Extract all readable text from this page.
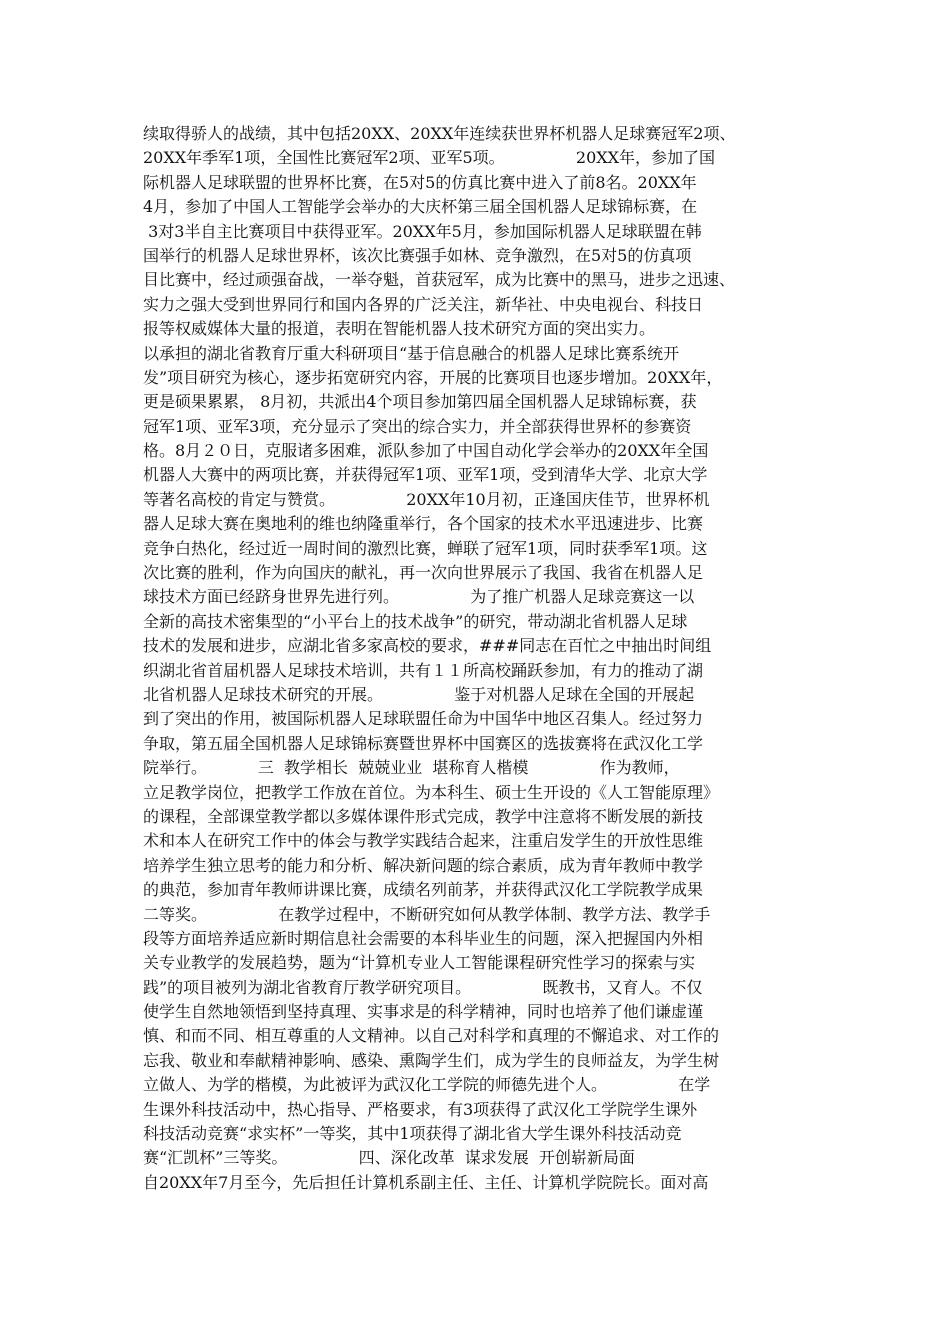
续取得骄人的战绩，其中包括20XX、20XX年连续获世界杯机器人足球赛冠军2项、
20XX年季军1项，全国性比赛冠军2项、亚军5项。              20XX年，参加了国
际机器人足球联盟的世界杯比赛，在5对5的仿真比赛中进入了前8名。20XX年
4月，参加了中国人工智能学会举办的大庆杯第三届全国机器人足球锦标赛，在
3对3半自主比赛项目中获得亚军。20XX年5月，参加国际机器人足球联盟在韩
国举行的机器人足球世界杯，该次比赛强手如林、竞争激烈，在5对5的仿真项
目比赛中，经过顽强奋战，一举夺魁，首获冠军，成为比赛中的黑马，进步之迅速、
实力之强大受到世界同行和国内各界的广泛关注，新华社、中央电视台、科技日
报等权威媒体大量的报道，表明在智能机器人技术研究方面的突出实力。
以承担的湖北省教育厅重大科研项目“基于信息融合的机器人足球比赛系统开
发”项目研究为核心，逐步拓宽研究内容，开展的比赛项目也逐步增加。20XX年，
更是硕果累累， 8月初，共派出4个项目参加第四届全国机器人足球锦标赛，获
冠军1项、亚军3项，充分显示了突出的综合实力，并全部获得世界杯的参赛资
格。8月２０日，克服诸多困难，派队参加了中国自动化学会举办的20XX年全国
机器人大赛中的两项比赛，并获得冠军1项、亚军1项，受到清华大学、北京大学
等著名高校的肯定与赞赏。              20XX年10月初，正逢国庆佳节，世界杯机
器人足球大赛在奥地利的维也纳隆重举行，各个国家的技术水平迅速进步、比赛
竞争白热化，经过近一周时间的激烈比赛，蝉联了冠军1项，同时获季军1项。这
次比赛的胜利，作为向国庆的献礼，再一次向世界展示了我国、我省在机器人足
球技术方面已经跻身世界先进行列。              为了推广机器人足球竞赛这一以
全新的高技术密集型的“小平台上的技术战争”的研究，带动湖北省机器人足球
技术的发展和进步，应湖北省多家高校的要求，###同志在百忙之中抽出时间组
织湖北省首届机器人足球技术培训，共有１１所高校踊跃参加，有力的推动了湖
北省机器人足球技术研究的开展。              鉴于对机器人足球在全国的开展起
到了突出的作用，被国际机器人足球联盟任命为中国华中地区召集人。经过努力
争取，第五届全国机器人足球锦标赛暨世界杯中国赛区的选拔赛将在武汉化工学
院举行。          三  教学相长  兢兢业业  堪称育人楷模              作为教师，
立足教学岗位，把教学工作放在首位。为本科生、硕士生开设的《人工智能原理》
的课程，全部课堂教学都以多媒体课件形式完成，教学中注意将不断发展的新技
术和本人在研究工作中的体会与教学实践结合起来，注重启发学生的开放性思维
培养学生独立思考的能力和分析、解决新问题的综合素质，成为青年教师中教学
的典范，参加青年教师讲课比赛，成绩名列前茅，并获得武汉化工学院教学成果
二等奖。              在教学过程中，不断研究如何从教学体制、教学方法、教学手
段等方面培养适应新时期信息社会需要的本科毕业生的问题，深入把握国内外相
关专业教学的发展趋势，题为“计算机专业人工智能课程研究性学习的探索与实
践”的项目被列为湖北省教育厅教学研究项目。              既教书，又育人。不仅
使学生自然地领悟到坚持真理、实事求是的科学精神，同时也培养了他们谦虚谨
慎、和而不同、相互尊重的人文精神。以自己对科学和真理的不懈追求、对工作的
忘我、敬业和奉献精神影响、感染、熏陶学生们，成为学生的良师益友，为学生树
立做人、为学的楷模，为此被评为武汉化工学院的师德先进个人。              在学
生课外科技活动中，热心指导、严格要求，有3项获得了武汉化工学院学生课外
科技活动竞赛“求实杯”一等奖，其中1项获得了湖北省大学生课外科技活动竞
赛“汇凯杯”三等奖。              四、深化改革  谋求发展  开创崭新局面
自20XX年7月至今，先后担任计算机系副主任、主任、计算机学院院长。面对高
